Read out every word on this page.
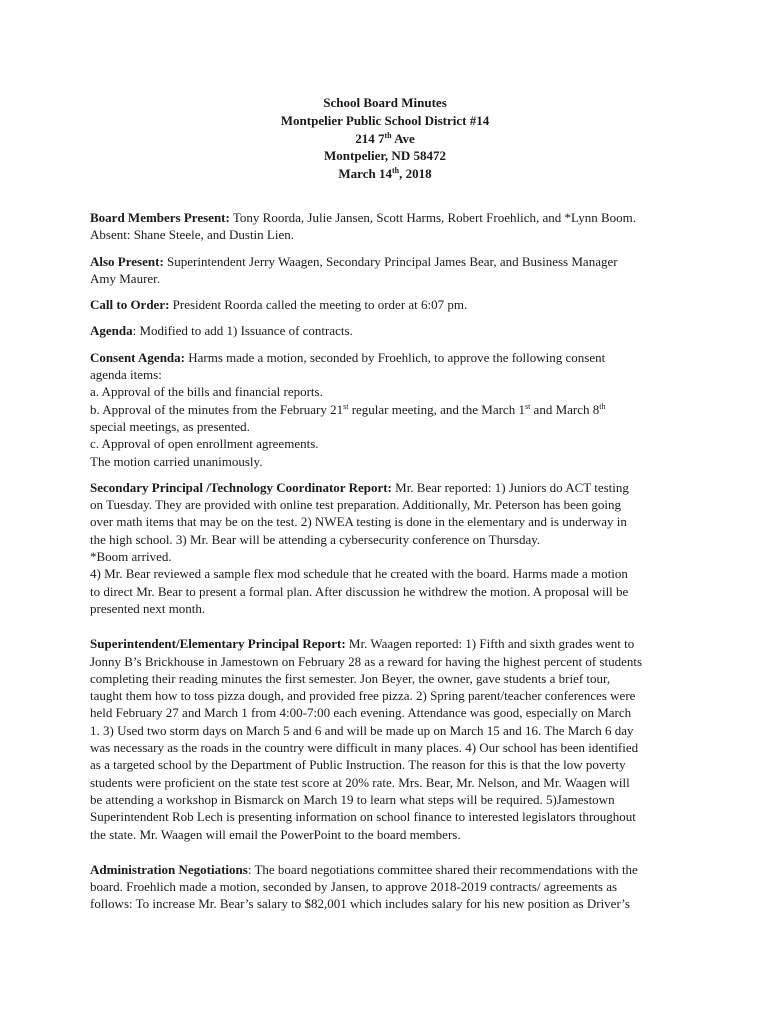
School Board Minutes
Montpelier Public School District #14
214 7th Ave
Montpelier, ND 58472
March 14th, 2018
Board Members Present: Tony Roorda, Julie Jansen, Scott Harms, Robert Froehlich, and *Lynn Boom.
Absent: Shane Steele, and Dustin Lien.
Also Present: Superintendent Jerry Waagen, Secondary Principal James Bear, and Business Manager
Amy Maurer.
Call to Order: President Roorda called the meeting to order at 6:07 pm.
Agenda: Modified to add 1) Issuance of contracts.
Consent Agenda: Harms made a motion, seconded by Froehlich, to approve the following consent
agenda items:
a. Approval of the bills and financial reports.
b. Approval of the minutes from the February 21st regular meeting, and the March 1st and March 8th
special meetings, as presented.
c. Approval of open enrollment agreements.
The motion carried unanimously.
Secondary Principal /Technology Coordinator Report: Mr. Bear reported: 1) Juniors do ACT testing
on Tuesday. They are provided with online test preparation. Additionally, Mr. Peterson has been going
over math items that may be on the test. 2) NWEA testing is done in the elementary and is underway in
the high school. 3) Mr. Bear will be attending a cybersecurity conference on Thursday.
*Boom arrived.
4) Mr. Bear reviewed a sample flex mod schedule that he created with the board. Harms made a motion
to direct Mr. Bear to present a formal plan. After discussion he withdrew the motion. A proposal will be
presented next month.
Superintendent/Elementary Principal Report: Mr. Waagen reported: 1) Fifth and sixth grades went to
Jonny B’s Brickhouse in Jamestown on February 28 as a reward for having the highest percent of students
completing their reading minutes the first semester. Jon Beyer, the owner, gave students a brief tour,
taught them how to toss pizza dough, and provided free pizza. 2) Spring parent/teacher conferences were
held February 27 and March 1 from 4:00-7:00 each evening. Attendance was good, especially on March
1. 3) Used two storm days on March 5 and 6 and will be made up on March 15 and 16. The March 6 day
was necessary as the roads in the country were difficult in many places. 4) Our school has been identified
as a targeted school by the Department of Public Instruction. The reason for this is that the low poverty
students were proficient on the state test score at 20% rate. Mrs. Bear, Mr. Nelson, and Mr. Waagen will
be attending a workshop in Bismarck on March 19 to learn what steps will be required. 5)Jamestown
Superintendent Rob Lech is presenting information on school finance to interested legislators throughout
the state. Mr. Waagen will email the PowerPoint to the board members.
Administration Negotiations: The board negotiations committee shared their recommendations with the
board. Froehlich made a motion, seconded by Jansen, to approve 2018-2019 contracts/ agreements as
follows: To increase Mr. Bear’s salary to $82,001 which includes salary for his new position as Driver’s
